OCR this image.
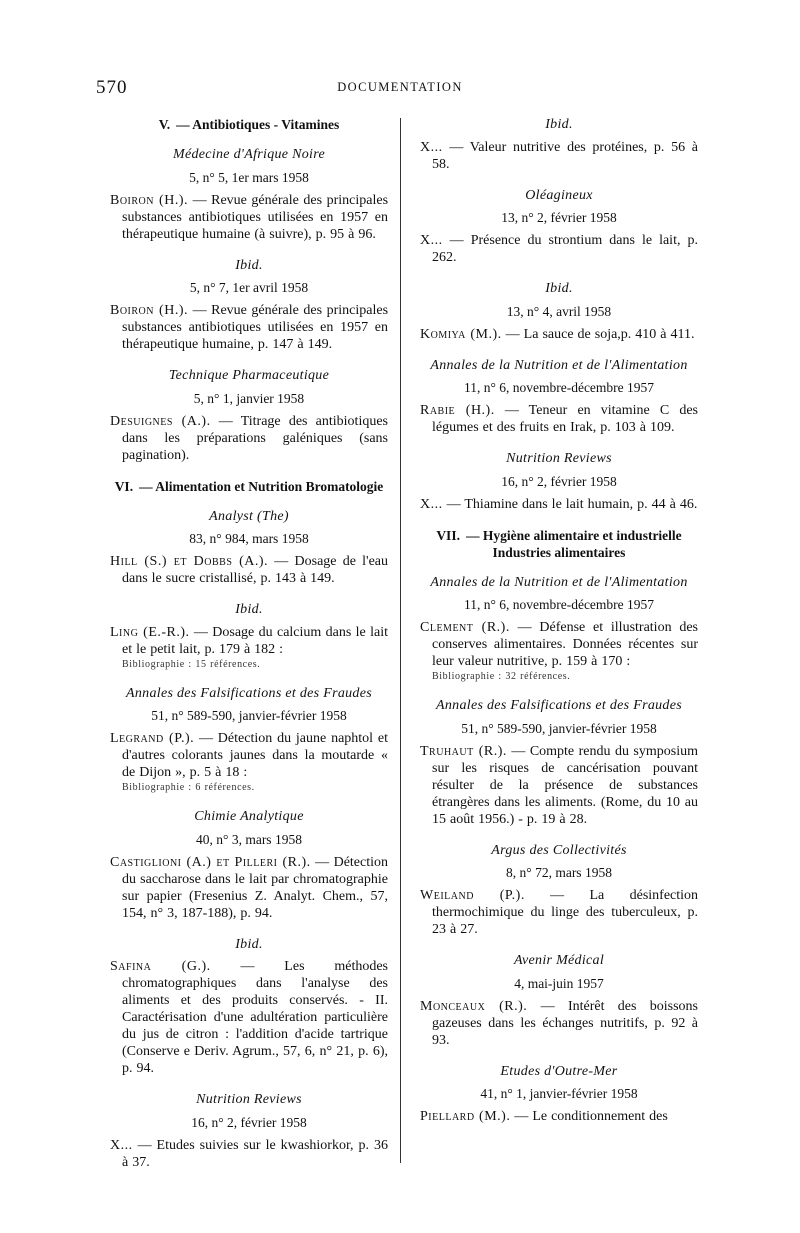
570	DOCUMENTATION
V. — Antibiotiques - Vitamines
Médecine d'Afrique Noire
5, n° 5, 1er mars 1958
Boiron (H.). — Revue générale des principales substances antibiotiques utilisées en 1957 en thérapeutique humaine (à suivre), p. 95 à 96.
Ibid.
5, n° 7, 1er avril 1958
Boiron (H.). — Revue générale des principales substances antibiotiques utilisées en 1957 en thérapeutique humaine, p. 147 à 149.
Technique Pharmaceutique
5, n° 1, janvier 1958
Desuignes (A.). — Titrage des antibiotiques dans les préparations galéniques (sans pagination).
VI. — Alimentation et Nutrition Bromatologie
Analyst (The)
83, n° 984, mars 1958
Hill (S.) et Dobbs (A.). — Dosage de l'eau dans le sucre cristallisé, p. 143 à 149.
Ibid.
Ling (E.-R.). — Dosage du calcium dans le lait et le petit lait, p. 179 à 182 :
Bibliographie : 15 références.
Annales des Falsifications et des Fraudes
51, n° 589-590, janvier-février 1958
Legrand (P.). — Détection du jaune naphtol et d'autres colorants jaunes dans la moutarde « de Dijon », p. 5 à 18 :
Bibliographie : 6 références.
Chimie Analytique
40, n° 3, mars 1958
Castiglioni (A.) et Pilleri (R.). — Détection du saccharose dans le lait par chromatographie sur papier (Fresenius Z. Analyt. Chem., 57, 154, n° 3, 187-188), p. 94.
Ibid.
Safina (G.). — Les méthodes chromatographiques dans l'analyse des aliments et des produits conservés. - II. Caractérisation d'une adultération particulière du jus de citron : l'addition d'acide tartrique (Conserve e Deriv. Agrum., 57, 6, n° 21, p. 6), p. 94.
Nutrition Reviews
16, n° 2, février 1958
X... — Etudes suivies sur le kwashiorkor, p. 36 à 37.
Ibid.
X... — Valeur nutritive des protéines, p. 56 à 58.
Oléagineux
13, n° 2, février 1958
X... — Présence du strontium dans le lait, p. 262.
Ibid.
13, n° 4, avril 1958
Komiya (M.). — La sauce de soja,p. 410 à 411.
Annales de la Nutrition et de l'Alimentation
11, n° 6, novembre-décembre 1957
Rabie (H.). — Teneur en vitamine C des légumes et des fruits en Irak, p. 103 à 109.
Nutrition Reviews
16, n° 2, février 1958
X... — Thiamine dans le lait humain, p. 44 à 46.
VII. — Hygiène alimentaire et industrielle Industries alimentaires
Annales de la Nutrition et de l'Alimentation
11, n° 6, novembre-décembre 1957
Clement (R.). — Défense et illustration des conserves alimentaires. Données récentes sur leur valeur nutritive, p. 159 à 170 :
Bibliographie : 32 références.
Annales des Falsifications et des Fraudes
51, n° 589-590, janvier-février 1958
Truhaut (R.). — Compte rendu du symposium sur les risques de cancérisation pouvant résulter de la présence de substances étrangères dans les aliments. (Rome, du 10 au 15 août 1956.) - p. 19 à 28.
Argus des Collectivités
8, n° 72, mars 1958
Weiland (P.). — La désinfection thermochimique du linge des tuberculeux, p. 23 à 27.
Avenir Médical
4, mai-juin 1957
Monceaux (R.). — Intérêt des boissons gazeuses dans les échanges nutritifs, p. 92 à 93.
Etudes d'Outre-Mer
41, n° 1, janvier-février 1958
Piellard (M.). — Le conditionnement des
